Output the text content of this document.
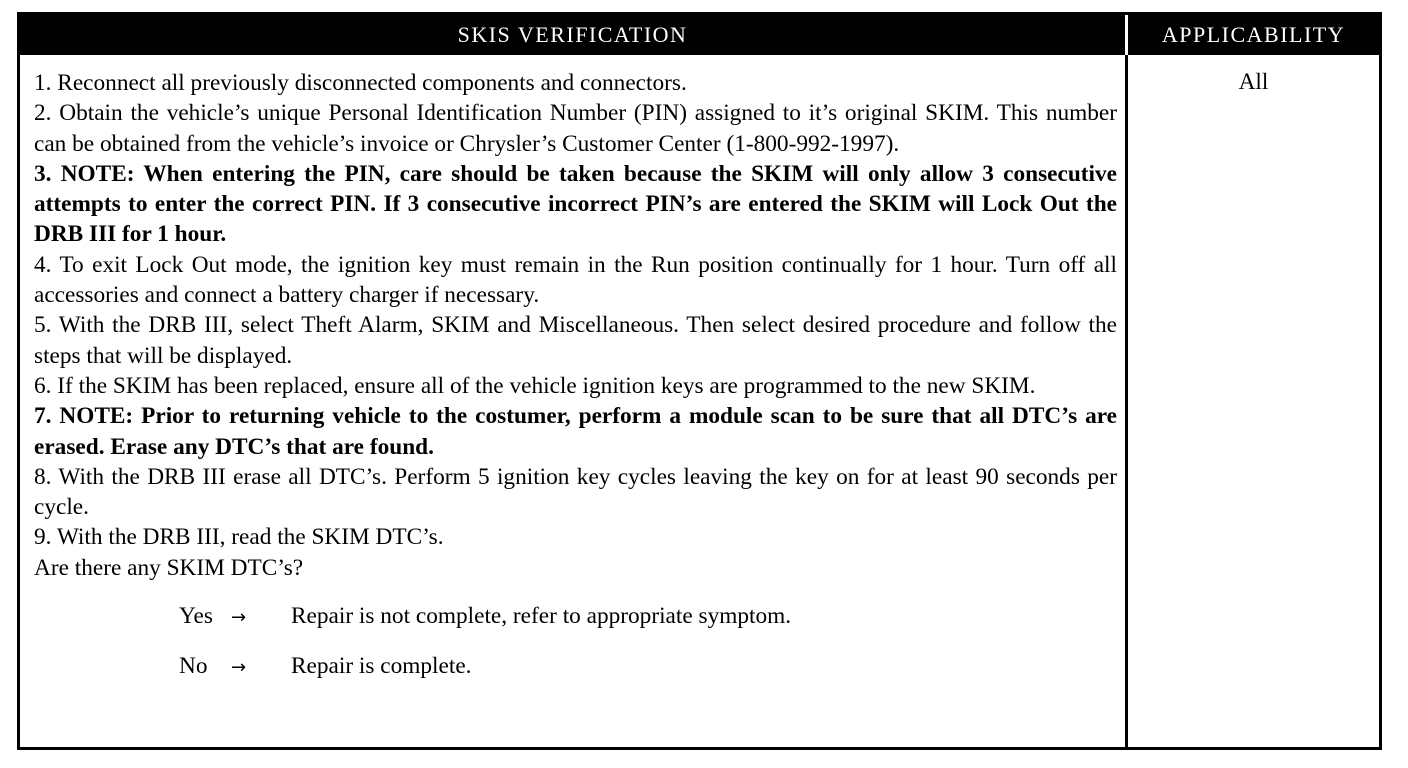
SKIS VERIFICATION	APPLICABILITY

1. Reconnect all previously disconnected components and connectors.

2. Obtain the vehicle’s unique Personal Identification Number (PIN) assigned to it’s original SKIM. This number can be obtained from the vehicle’s invoice or Chrysler’s Customer Center (1-800-992-1997).

3. NOTE: When entering the PIN, care should be taken because the SKIM will only allow 3 consecutive attempts to enter the correct PIN. If 3 consecutive incorrect PIN’s are entered the SKIM will Lock Out the DRB III for 1 hour.

4. To exit Lock Out mode, the ignition key must remain in the Run position continually for 1 hour. Turn off all accessories and connect a battery charger if necessary.

5. With the DRB III, select Theft Alarm, SKIM and Miscellaneous. Then select desired procedure and follow the steps that will be displayed.

6. If the SKIM has been replaced, ensure all of the vehicle ignition keys are programmed to the new SKIM.

7. NOTE: Prior to returning vehicle to the costumer, perform a module scan to be sure that all DTC’s are erased. Erase any DTC’s that are found.

8. With the DRB III erase all DTC’s. Perform 5 ignition key cycles leaving the key on for at least 90 seconds per cycle.

9. With the DRB III, read the SKIM DTC’s.

Are there any SKIM DTC’s?

Yes	→	Repair is not complete, refer to appropriate symptom.
No	→	Repair is complete.
All
